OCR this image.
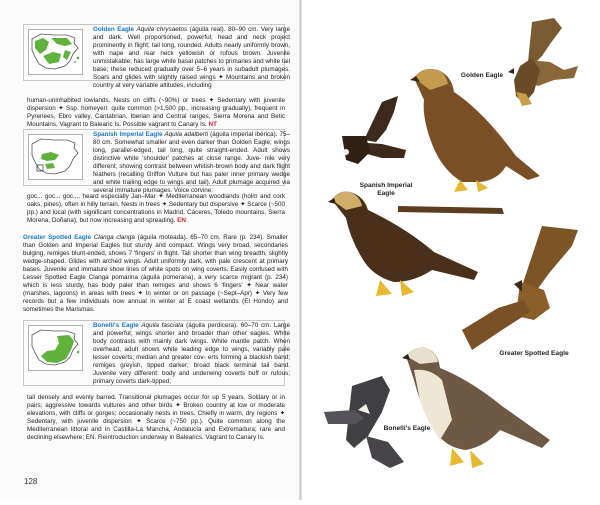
Golden Eagle Aquila chrysaetos (águila real). 80–90 cm. Very large and dark. Well proportioned, powerful; head and neck project prominently in flight; tail long, rounded. Adults nearly uniformly brown, with nape and rear neck yellowish or rufous brown. Juvenile unmistakable; has large white basal patches to primaries and white tail base; these reduced gradually over 5–6 years in subadult plumages. Soars and glides with slightly raised wings ✦ Mountains and broken country at very variable altitudes, including
human-uninhabited lowlands. Nests on cliffs (~90%) or trees ✦ Sedentary with juvenile dispersion ✦ Ssp. homeyeri: quite common (>1,500 pp., increasing gradually), frequent in Pyrenees, Ebro valley, Cantabrian, Iberian and Central ranges, Sierra Morena and Betic Mountains, Vagrant to Balearic Is. Possible vagrant to Canary Is. NT
Spanish Imperial Eagle Aquila adalberti (águila imperial ibérica). 75–80 cm. Somewhat smaller and even darker than Golden Eagle; wings long, parallel-edged, tail long, quite straight-ended. Adult shows distinctive white 'shoulder' patches at close range. Juve- nile very different; showing contrast between whitish-brown body and dark flight feathers (recalling Griffon Vulture but has paler inner primary wedge and white trailing edge to wings and tail). Adult plumage acquired via several immature plumages. Voice corvine:
goc... goc... goc..., heard especially Jan–Mar ✦ Mediterranean woodlands (holm and cork oaks, pines), often in hilly terrain. Nests in trees ✦ Sedentary but dispersive ✦ Scarce (~500 pp.) and local (with significant concentrations in Madrid, Cáceres, Toledo mountains, Sierra Morena, Doñana), but now increasing and spreading. EN
Greater Spotted Eagle Clanga clanga (águila moteada). 65–70 cm. Rare (p. 234). Smaller than Golden and Imperial Eagles but sturdy and compact. Wings very broad, secondaries bulging, remiges blunt-ended, shows 7 'fingers' in flight. Tail shorter than wing breadth, slightly wedge-shaped. Glides with arched wings. Adult uniformly dark, with pale crescent at primary bases. Juvenile and immature show lines of white spots on wing coverts. Easily confused with Lesser Spotted Eagle Clanga pomarina (águila pomerana), a very scarce migrant (p. 234) which is less sturdy, has body paler than remiges and shows 6 'fingers' ✦ Near water (marshes, lagoons) in areas with trees ✦ In winter or on passage (~Sept–Apr) ✦ Very few records but a few individuals now annual in winter at E coast wetlands (El Hondo) and sometimes the Marismas.
Bonelli's Eagle Aquila fasciata (águila perdicera). 60–70 cm. Large and powerful; wings shorter and broader than other eagles. White body contrasts with mainly dark wings. White mantle patch. When overhead, adult shows white leading edge to wings, variably pale lesser coverts; median and greater cov- erts forming a blackish band; remiges greyish, tipped darker; broad black terminal tail band. Juvenile very different: body and underwing coverts buff or rufous; primary coverts dark-tipped;
tail densely and evenly barred. Transitional plumages occur for up 5 years. Solitary or in pairs; aggressive towards vultures and other birds ✦ Broken country at low or moderate elevations, with cliffs or gorges; occasionally nests in trees. Chiefly in warm, dry regions ✦ Sedentary, with juvenile dispersion ✦ Scarce (~750 pp.). Quite common along the Mediterranean littoral and in Castilla-La Mancha, Andalucía and Extremadura; rare and declining elsewhere; EN. Reintroduction underway in Balearics. Vagrant to Canary Is.
128
Golden Eagle
Spanish Imperial Eagle
Greater Spotted Eagle
Bonelli's Eagle
